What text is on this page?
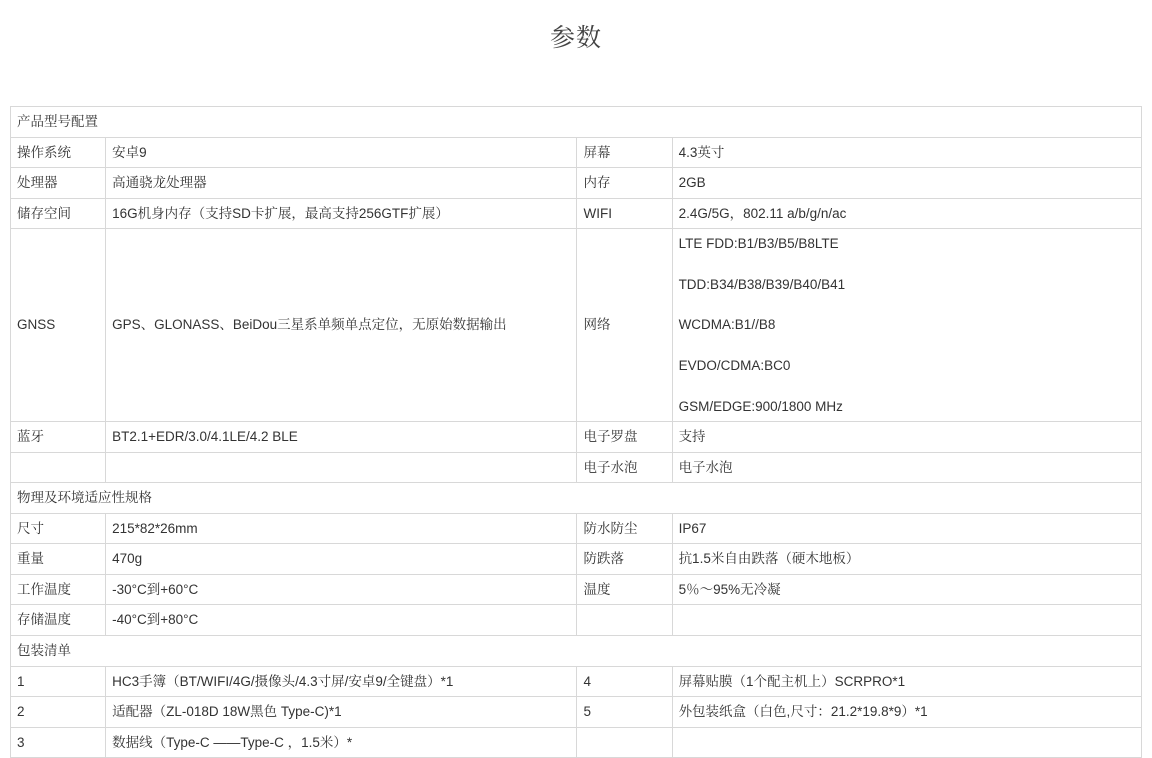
参数
产品型号配置			
操作系统	安卓9	屏幕	4.3英寸
处理器	高通骁龙处理器	内存	2GB
储存空间	16G机身内存（支持SD卡扩展，最高支持256GTF扩展）	WIFI	2.4G/5G，802.11 a/b/g/n/ac
GNSS	GPS、GLONASS、BeiDou三星系单频单点定位，无原始数据输出	网络	LTE FDD:B1/B3/B5/B8LTE
TDD:B34/B38/B39/B40/B41
WCDMA:B1//B8
EVDO/CDMA:BC0
GSM/EDGE:900/1800 MHz

蓝牙	BT2.1+EDR/3.0/4.1LE/4.2 BLE	电子罗盘	支持
		电子水泡	电子水泡
物理及环境适应性规格			
尺寸	215*82*26mm	防水防尘	IP67
重量	470g	防跌落	抗1.5米自由跌落（硬木地板）
工作温度	-30°C到+60°C	温度	5％～95%无冷凝
存储温度	-40°C到+80°C		
包装清单			
1	HC3手簿（BT/WIFI/4G/摄像头/4.3寸屏/安卓9/全键盘）*1	4	屏幕贴膜（1个配主机上）SCRPRO*1
2	适配器（ZL-018D 18W黑色 Type-C)*1	5	外包装纸盒（白色,尺寸：21.2*19.8*9）*1
3	数据线（Type-C ——Type-C ，1.5米）*		
